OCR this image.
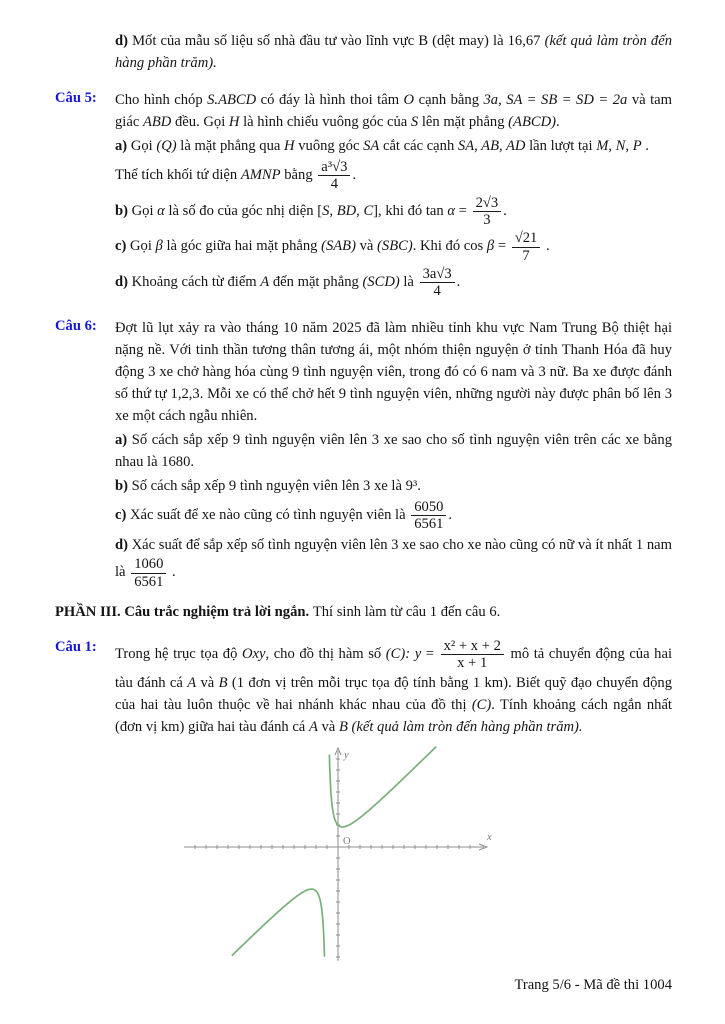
d) Mốt của mẫu số liệu số nhà đầu tư vào lĩnh vực B (dệt may) là 16,67 (kết quả làm tròn đến hàng phần trăm).
Câu 5:	Cho hình chóp S.ABCD có đáy là hình thoi tâm O cạnh bằng 3a, SA = SB = SD = 2a và tam giác ABD đều. Gọi H là hình chiếu vuông góc của S lên mặt phẳng (ABCD).

a) Gọi (Q) là mặt phẳng qua H vuông góc SA cắt các cạnh SA, AB, AD lần lượt tại M, N, P .

Thể tích khối tứ diện AMNP bằng $\frac{\text{a³√3}}{4}$ .

b) Gọi α là số đo của góc nhị diện [S, BD, C], khi đó $\tan \alpha = \frac{2√3}{3}$ .

c) Gọi β là góc giữa hai mặt phẳng (SAB) và (SBC). Khi đó $\cos \beta = \frac{√21}{7}$ .

d) Khoảng cách từ điểm A đến mặt phẳng (SCD) là $\frac{3a√3}{4}$ .

Câu 6:	Đợt lũ lụt xảy ra vào tháng 10 năm 2025 đã làm nhiều tỉnh khu vực Nam Trung Bộ thiệt hại nặng nề. Với tinh thần tương thân tương ái, một nhóm thiện nguyện ở tỉnh Thanh Hóa đã huy động 3 xe chở hàng hóa cùng 9 tình nguyện viên, trong đó có 6 nam và 3 nữ. Ba xe được đánh số thứ tự 1,2,3. Mỗi xe có thể chở hết 9 tình nguyện viên, những người này được phân bố lên 3 xe một cách ngẫu nhiên.

a) Số cách sắp xếp 9 tình nguyện viên lên 3 xe sao cho số tình nguyện viên trên các xe bằng nhau là 1680.

b) Số cách sắp xếp 9 tình nguyện viên lên 3 xe là 9³.

c) Xác suất để xe nào cũng có tình nguyện viên là $\frac{6050}{6561}$ .

d) Xác suất để sắp xếp số tình nguyện viên lên 3 xe sao cho xe nào cũng có nữ và ít nhất 1 nam là $\frac{1060}{6561}$ .

PHẦN III. Câu trắc nghiệm trả lời ngắn. Thí sinh làm từ câu 1 đến câu 6.
Câu 1:	Trong hệ trục tọa độ Oxy, cho đồ thị hàm số (C): $y = \frac{\text{x² + x + 2}}{x + 1}$ mô tả chuyển động của hai tàu đánh cá A và B (1 đơn vị trên mỗi trục tọa độ tính bằng 1 km). Biết quỹ đạo chuyển động của hai tàu luôn thuộc về hai nhánh khác nhau của đồ thị (C). Tính khoảng cách ngắn nhất (đơn vị km) giữa hai tàu đánh cá A và B (kết quả làm tròn đến hàng phần trăm).

x
y
O
Trang 5/6 - Mã đề thi 1004
